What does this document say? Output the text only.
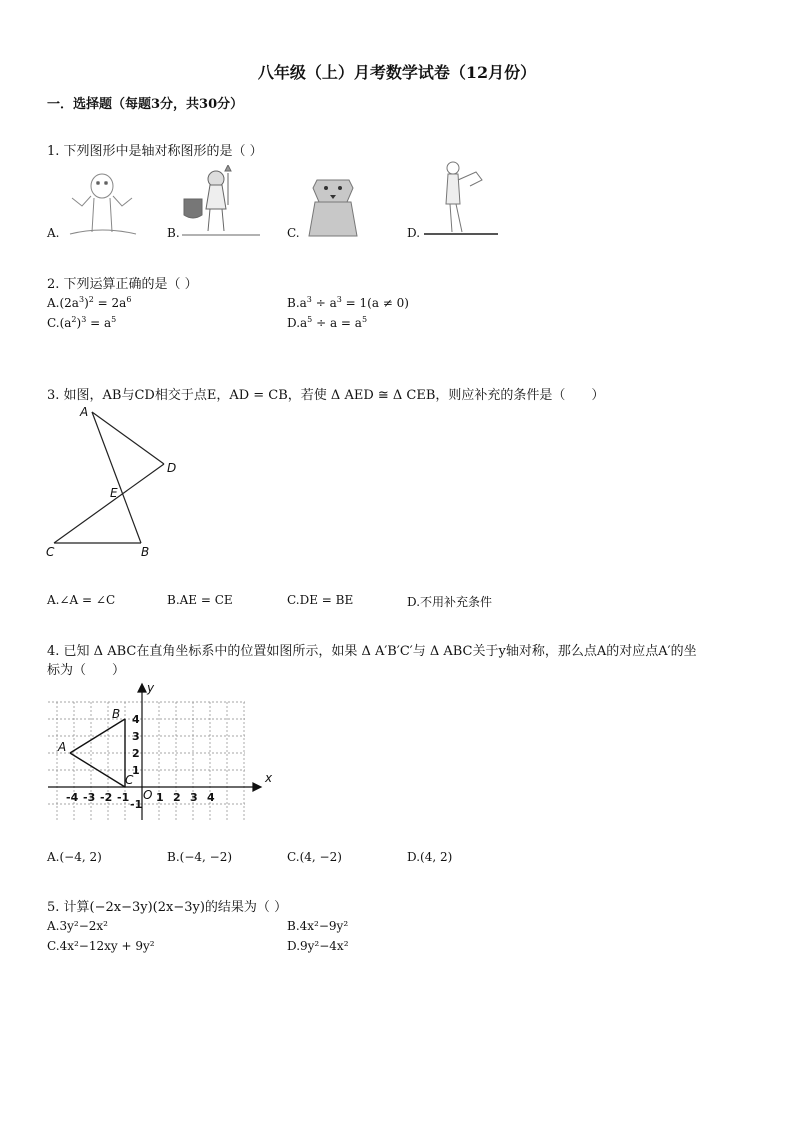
八年级（上）月考数学试卷（12月份）
一．选择题（每题3分，共30分）
1. 下列图形中是轴对称图形的是（ ）
A.	B.	C.	D.
2. 下列运算正确的是（ ）
$A.(2a^3)^2 = 2a^6$	$B.a^3 \div a^3 = 1(a \ne 0)$
$C.(a^2)^3 = a^5$	$D.a^5 \div a = a^5$
3. 如图，AB与CD相交于点E，AD = CB，若使 Δ AED ≅ Δ CEB，则应补充的条件是（　　）
A
D
E
C	B
A.∠A = ∠C	B.AE = CE	C.DE = BE	D.不用补充条件
4. 已知 Δ ABC在直角坐标系中的位置如图所示，如果 Δ A′B′C′与 Δ ABC关于y轴对称，那么点A的对应点A′的坐
标为（　　）
-4 -3 -2 -1 1 2 3 4
4
3
2
1
-1
x
y
O
A
B
C
A.(−4, 2)	B.(−4, −2)	C.(4, −2)	D.(4, 2)
5. 计算(−2x−3y)(2x−3y)的结果为（ ）
A.3y²−2x²	B.4x²−9y²
C.4x²−12xy + 9y²	D.9y²−4x²
